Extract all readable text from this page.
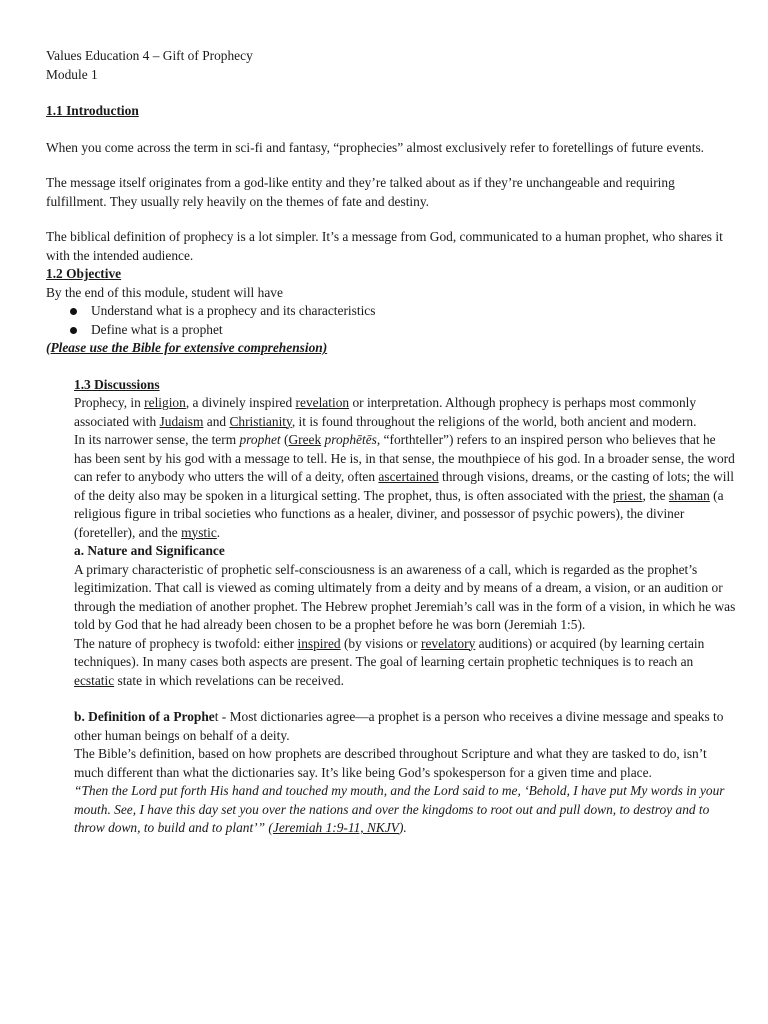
Values Education 4 – Gift of Prophecy

Module 1

1.1 Introduction

When you come across the term in sci-fi and fantasy, “prophecies” almost exclusively refer to foretellings of future events.

The message itself originates from a god-like entity and they’re talked about as if they’re unchangeable and requiring fulfillment. They usually rely heavily on the themes of fate and destiny.

The biblical definition of prophecy is a lot simpler. It’s a message from God, communicated to a human prophet, who shares it with the intended audience.

1.2 Objective

By the end of this module, student will have

Understand what is a prophecy and its characteristics
Define what is a prophet

(Please use the Bible for extensive comprehension)

1.3 Discussions

Prophecy, in religion, a divinely inspired revelation or interpretation. Although prophecy is perhaps most commonly associated with Judaism and Christianity, it is found throughout the religions of the world, both ancient and modern.

In its narrower sense, the term prophet (Greek prophētēs, “forthteller”) refers to an inspired person who believes that he has been sent by his god with a message to tell. He is, in that sense, the mouthpiece of his god. In a broader sense, the word can refer to anybody who utters the will of a deity, often ascertained through visions, dreams, or the casting of lots; the will of the deity also may be spoken in a liturgical setting. The prophet, thus, is often associated with the priest, the shaman (a religious figure in tribal societies who functions as a healer, diviner, and possessor of psychic powers), the diviner (foreteller), and the mystic.

a. Nature and Significance

A primary characteristic of prophetic self-consciousness is an awareness of a call, which is regarded as the prophet’s legitimization. That call is viewed as coming ultimately from a deity and by means of a dream, a vision, or an audition or through the mediation of another prophet. The Hebrew prophet Jeremiah’s call was in the form of a vision, in which he was told by God that he had already been chosen to be a prophet before he was born (Jeremiah 1:5).

The nature of prophecy is twofold: either inspired (by visions or revelatory auditions) or acquired (by learning certain techniques). In many cases both aspects are present. The goal of learning certain prophetic techniques is to reach an ecstatic state in which revelations can be received.

b. Definition of a Prophet - Most dictionaries agree—a prophet is a person who receives a divine message and speaks to other human beings on behalf of a deity.

The Bible’s definition, based on how prophets are described throughout Scripture and what they are tasked to do, isn’t much different than what the dictionaries say. It’s like being God’s spokesperson for a given time and place.

“Then the Lord put forth His hand and touched my mouth, and the Lord said to me, ‘Behold, I have put My words in your mouth. See, I have this day set you over the nations and over the kingdoms to root out and pull down, to destroy and to throw down, to build and to plant’” (Jeremiah 1:9-11, NKJV).
